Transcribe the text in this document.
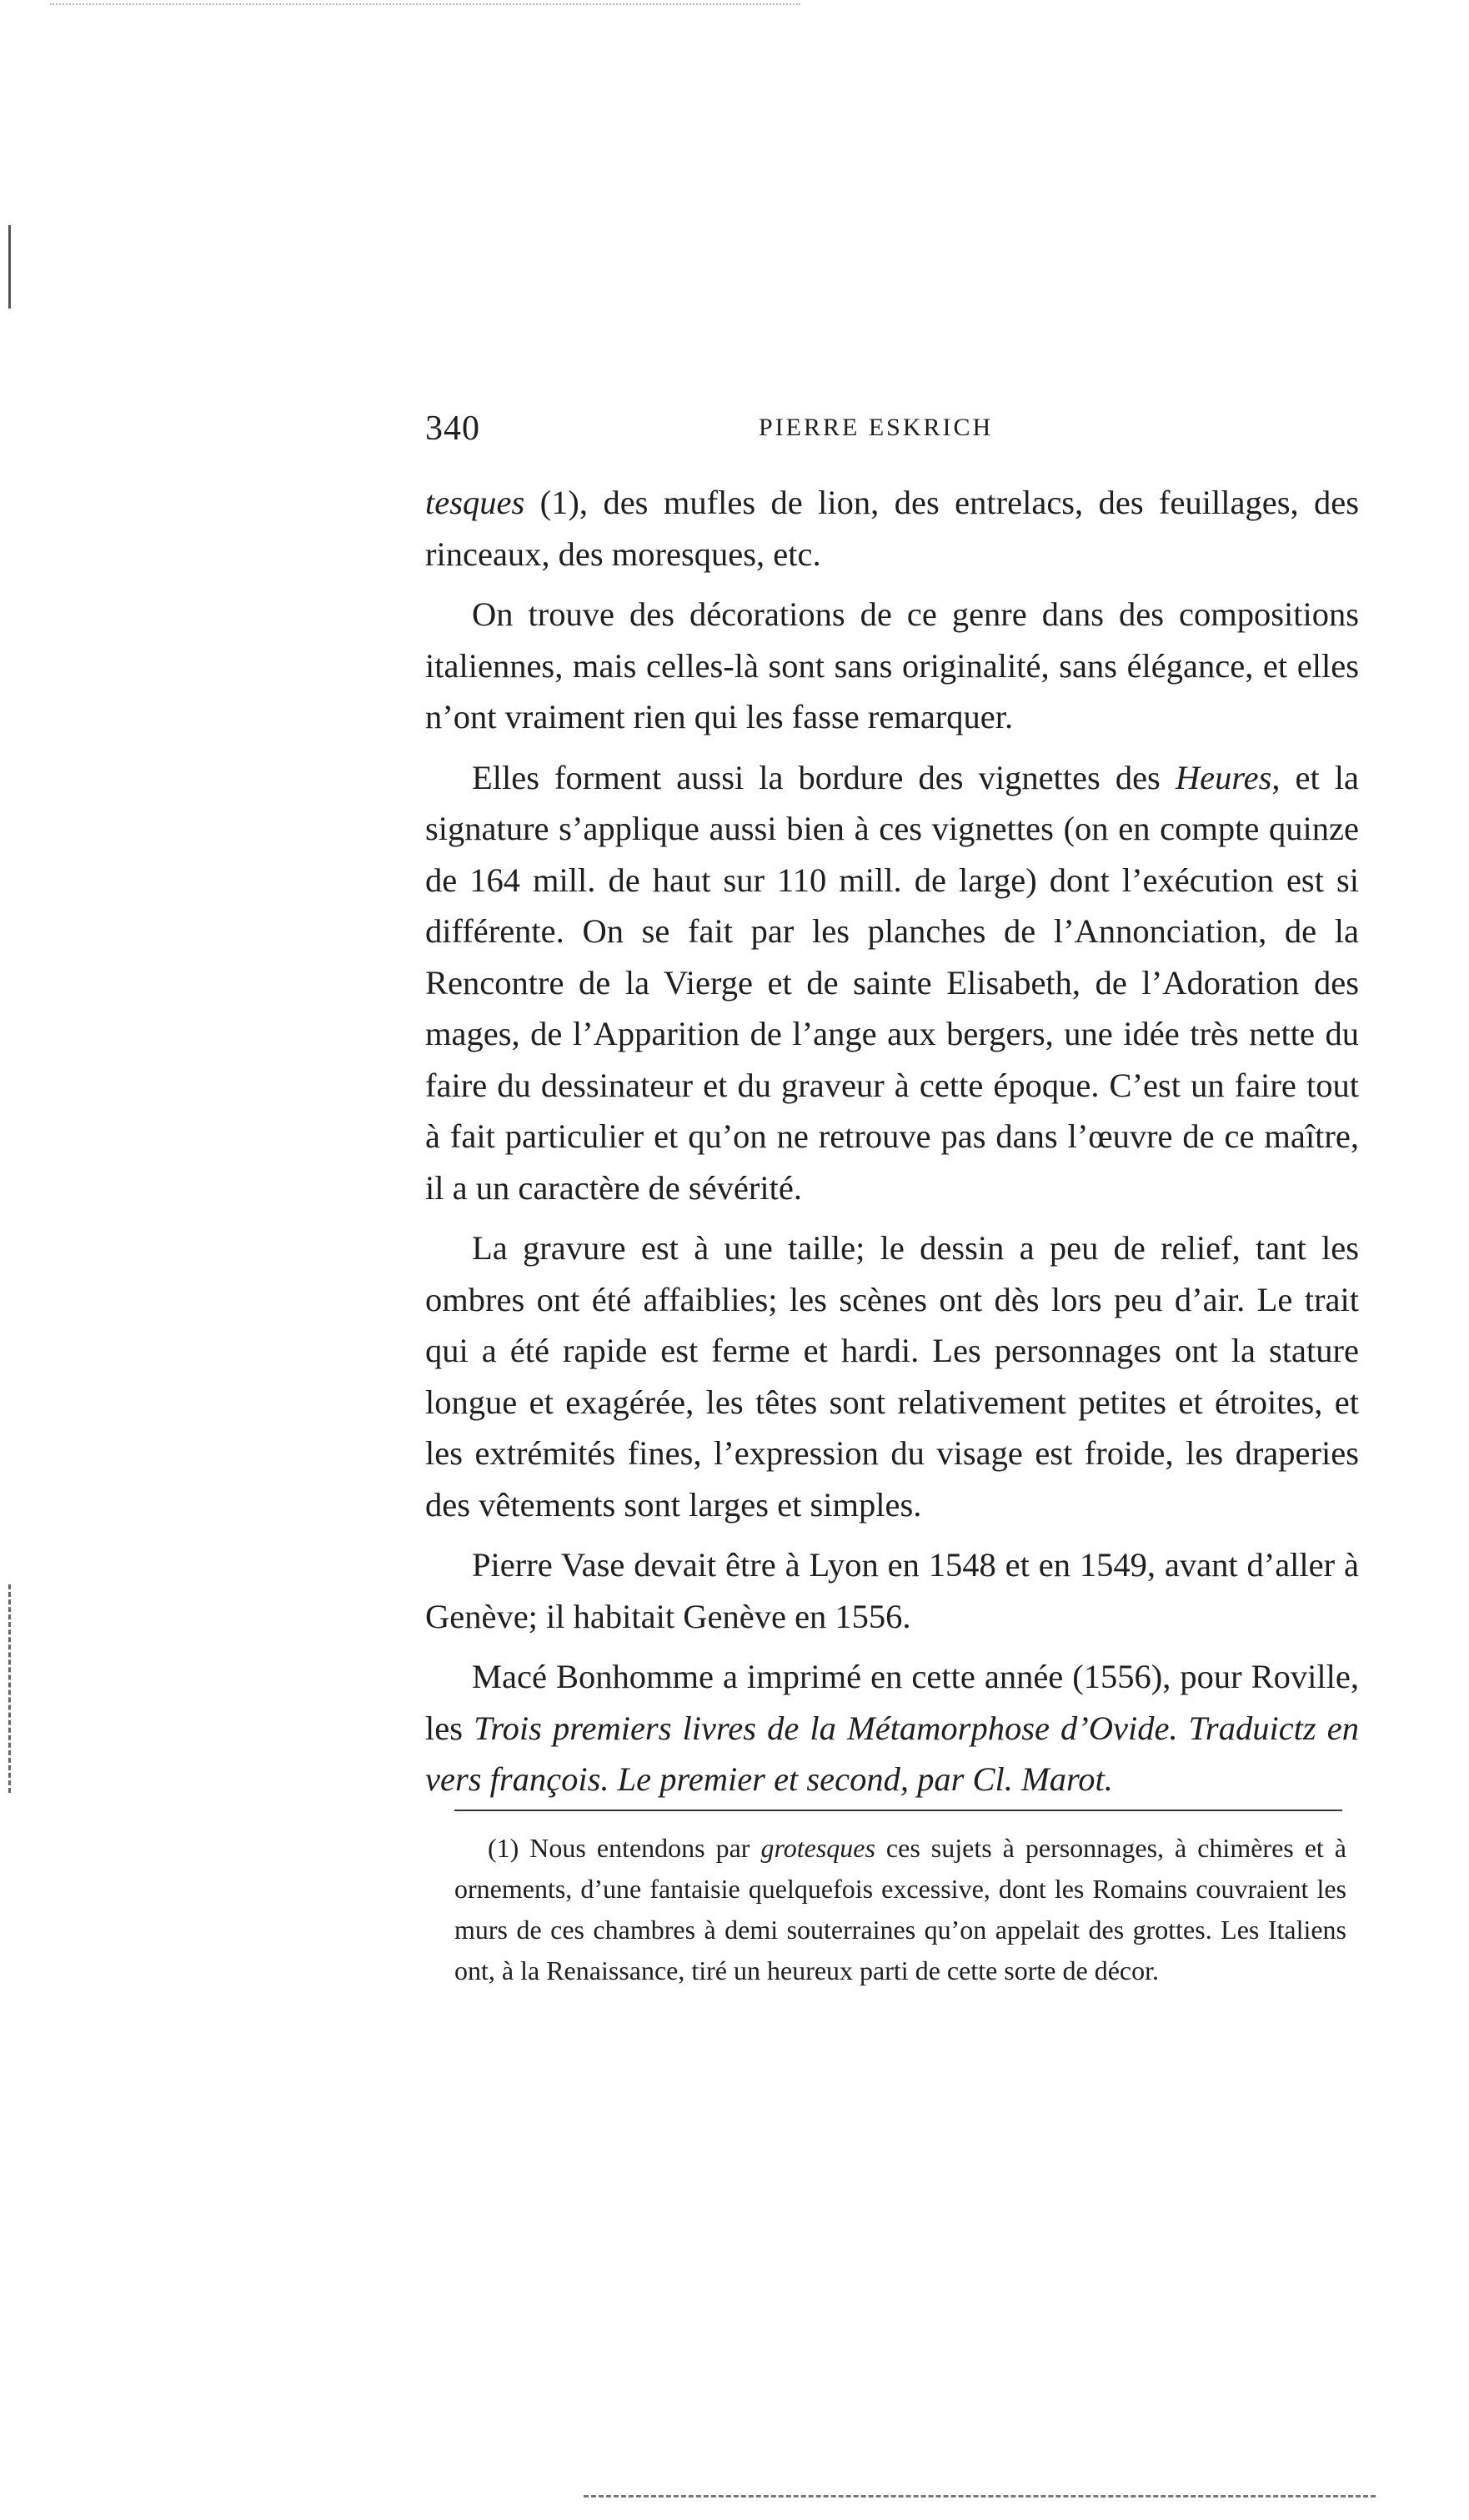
340	PIERRE ESKRICH

tesques (1), des mufles de lion, des entrelacs, des feuillages, des rinceaux, des moresques, etc.

On trouve des décorations de ce genre dans des compositions italiennes, mais celles-là sont sans originalité, sans élégance, et elles n’ont vraiment rien qui les fasse remarquer.

Elles forment aussi la bordure des vignettes des Heures, et la signature s’applique aussi bien à ces vignettes (on en compte quinze de 164 mill. de haut sur 110 mill. de large) dont l’exécution est si différente. On se fait par les planches de l’Annonciation, de la Rencontre de la Vierge et de sainte Elisabeth, de l’Adoration des mages, de l’Apparition de l’ange aux bergers, une idée très nette du faire du dessinateur et du graveur à cette époque. C’est un faire tout à fait particulier et qu’on ne retrouve pas dans l’œuvre de ce maître, il a un caractère de sévérité.

La gravure est à une taille; le dessin a peu de relief, tant les ombres ont été affaiblies; les scènes ont dès lors peu d’air. Le trait qui a été rapide est ferme et hardi. Les personnages ont la stature longue et exagérée, les têtes sont relativement petites et étroites, et les extrémités fines, l’expression du visage est froide, les draperies des vêtements sont larges et simples.

Pierre Vase devait être à Lyon en 1548 et en 1549, avant d’aller à Genève; il habitait Genève en 1556.

Macé Bonhomme a imprimé en cette année (1556), pour Roville, les Trois premiers livres de la Métamorphose d’Ovide. Traduictz en vers françois. Le premier et second, par Cl. Marot.

(1) Nous entendons par grotesques ces sujets à personnages, à chimères et à ornements, d’une fantaisie quelquefois excessive, dont les Romains couvraient les murs de ces chambres à demi souterraines qu’on appelait des grottes. Les Italiens ont, à la Renaissance, tiré un heureux parti de cette sorte de décor.
